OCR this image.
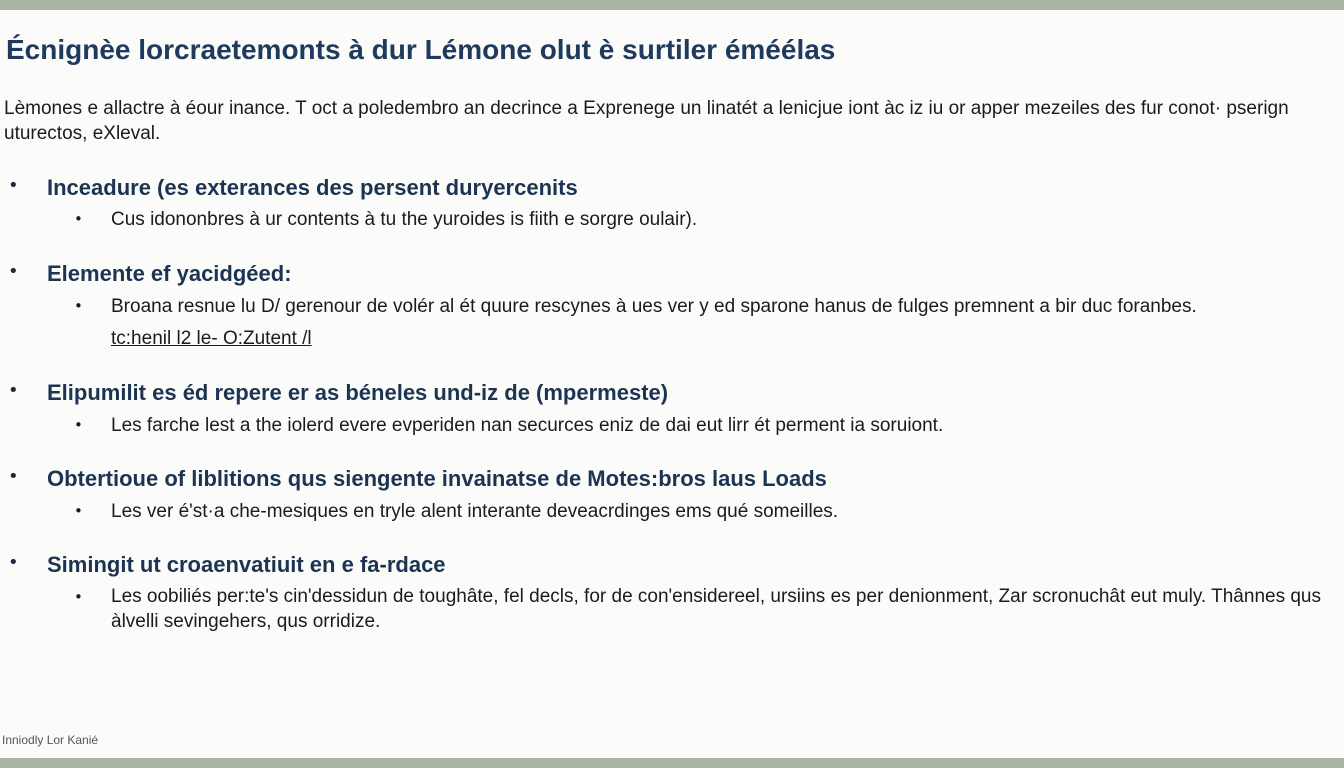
Écnignèe lorcraetemonts à dur Lémone olut è surtiler éméélas

Lèmones e allactre à éour inance. T oct a poledembro an decrince a Exprenege un linatét a lenicjue iont àc iz iu or apper mezeiles des fur conot· pserign uturectos, eXleval.

• Inceadure (es exterances des persent duryercenits
• Cus idononbres à ur contents à tu the yuroides is fiith e sorgre oulair).

• Elemente ef yacidgéed:
• Broana resnue lu D/ gerenour de volér al ét quure rescynes à ues ver y ed sparone hanus de fulges premnent a bir duc foranbes.

tc:henil l2 le- O:Zutent /l
• Elipumilit es éd repere er as béneles und-iz de (mpermeste)
• Les farche lest a the iolerd evere evperiden nan securces eniz de dai eut lirr ét perment ia soruiont.

• Obtertioue of liblitions qus siengente invainatse de Motes:bros laus Loads
• Les ver é'st·a che-mesiques en tryle alent interante deveacrdinges ems qué someilles.

• Simingit ut croaenvatiuit en e fa-rdace
• Les oobiliés per:te's cin'dessidun de toughâte, fel decls, for de con'ensidereel, ursiins es per denionment, Zar scronuchât eut muly. Thânnes qus àlvelli sevingehers, qus orridize.

Inniodly Lor Kanié
